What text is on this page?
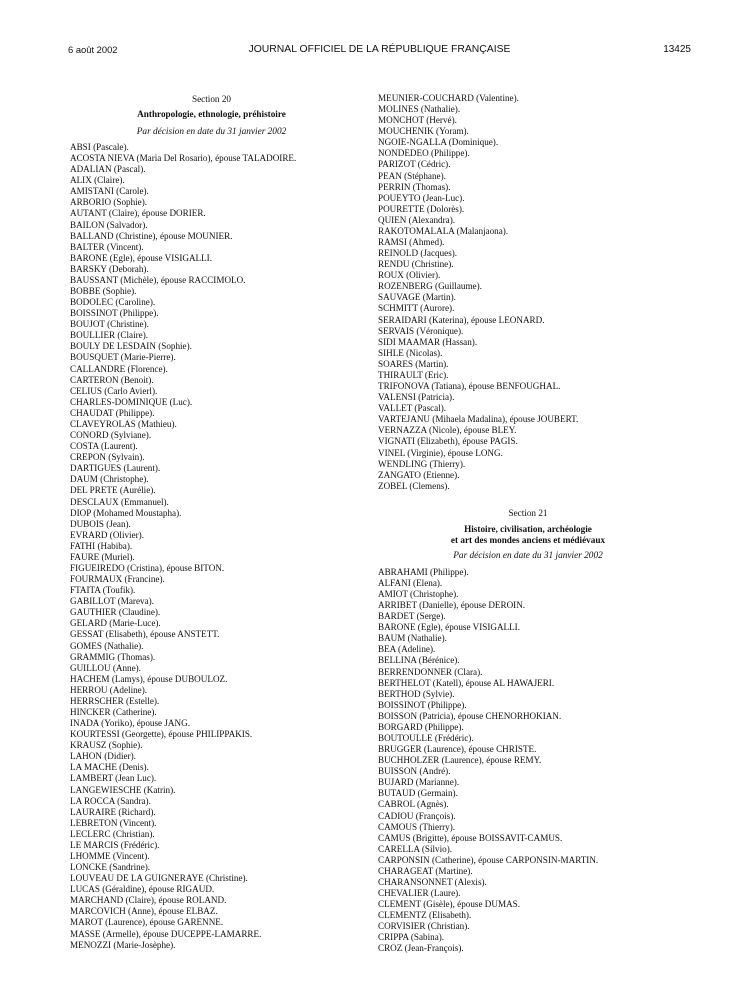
6 août 2002	JOURNAL OFFICIEL DE LA RÉPUBLIQUE FRANÇAISE	13425
Section 20
Anthropologie, ethnologie, préhistoire
Par décision en date du 31 janvier 2002
ABSI (Pascale).
ACOSTA NIEVA (Maria Del Rosario), épouse TALADOIRE.
ADALIAN (Pascal).
ALIX (Claire).
AMISTANI (Carole).
ARBORIO (Sophie).
AUTANT (Claire), épouse DORIER.
BAILON (Salvador).
BALLAND (Christine), épouse MOUNIER.
BALTER (Vincent).
BARONE (Egle), épouse VISIGALLI.
BARSKY (Deborah).
BAUSSANT (Michèle), épouse RACCIMOLO.
BOBBE (Sophie).
BODOLEC (Caroline).
BOISSINOT (Philippe).
BOUJOT (Christine).
BOULLIER (Claire).
BOULY DE LESDAIN (Sophie).
BOUSQUET (Marie-Pierre).
CALLANDRE (Florence).
CARTERON (Benoit).
CELIUS (Carlo Avierl).
CHARLES-DOMINIQUE (Luc).
CHAUDAT (Philippe).
CLAVEYROLAS (Mathieu).
CONORD (Sylviane).
COSTA (Laurent).
CREPON (Sylvain).
DARTIGUES (Laurent).
DAUM (Christophe).
DEL PRETE (Aurélie).
DESCLAUX (Emmanuel).
DIOP (Mohamed Moustapha).
DUBOIS (Jean).
EVRARD (Olivier).
FATHI (Habiba).
FAURE (Muriel).
FIGUEIREDO (Cristina), épouse BITON.
FOURMAUX (Francine).
FTAITA (Toufik).
GABILLOT (Mareva).
GAUTHIER (Claudine).
GELARD (Marie-Luce).
GESSAT (Elisabeth), épouse ANSTETT.
GOMES (Nathalie).
GRAMMIG (Thomas).
GUILLOU (Anne).
HACHEM (Lamys), épouse DUBOULOZ.
HERROU (Adeline).
HERRSCHER (Estelle).
HINCKER (Catherine).
INADA (Yoriko), épouse JANG.
KOURTESSI (Georgette), épouse PHILIPPAKIS.
KRAUSZ (Sophie).
LAHON (Didier).
LA MACHE (Denis).
LAMBERT (Jean Luc).
LANGEWIESCHE (Katrin).
LA ROCCA (Sandra).
LAURAIRE (Richard).
LEBRETON (Vincent).
LECLERC (Christian).
LE MARCIS (Frédéric).
LHOMME (Vincent).
LONCKE (Sandrine).
LOUVEAU DE LA GUIGNERAYE (Christine).
LUCAS (Géraldine), épouse RIGAUD.
MARCHAND (Claire), épouse ROLAND.
MARCOVICH (Anne), épouse ELBAZ.
MAROT (Laurence), épouse GARENNE.
MASSE (Armelle), épouse DUCEPPE-LAMARRE.
MENOZZI (Marie-Josèphe).
MEUNIER-COUCHARD (Valentine).
MOLINES (Nathalie).
MONCHOT (Hervé).
MOUCHENIK (Yoram).
NGOIE-NGALLA (Dominique).
NONDEDEO (Philippe).
PARIZOT (Cédric).
PEAN (Stéphane).
PERRIN (Thomas).
POUEYTO (Jean-Luc).
POURETTE (Dolorès).
QUIEN (Alexandra).
RAKOTOMALALA (Malanjaona).
RAMSI (Ahmed).
REINOLD (Jacques).
RENDU (Christine).
ROUX (Olivier).
ROZENBERG (Guillaume).
SAUVAGE (Martin).
SCHMITT (Aurore).
SERAIDARI (Katerina), épouse LEONARD.
SERVAIS (Véronique).
SIDI MAAMAR (Hassan).
SIHLE (Nicolas).
SOARES (Martin).
THIRAULT (Eric).
TRIFONOVA (Tatiana), épouse BENFOUGHAL.
VALENSI (Patricia).
VALLET (Pascal).
VARTEJANU (Mihaela Madalina), épouse JOUBERT.
VERNAZZA (Nicole), épouse BLEY.
VIGNATI (Elizabeth), épouse PAGIS.
VINEL (Virginie), épouse LONG.
WENDLING (Thierry).
ZANGATO (Etienne).
ZOBEL (Clemens).
Section 21
Histoire, civilisation, archéologie
et art des mondes anciens et médiévaux
Par décision en date du 31 janvier 2002
ABRAHAMI (Philippe).
ALFANI (Elena).
AMIOT (Christophe).
ARRIBET (Danielle), épouse DEROIN.
BARDET (Serge).
BARONE (Egle), épouse VISIGALLI.
BAUM (Nathalie).
BEA (Adeline).
BELLINA (Bérénice).
BERRENDONNER (Clara).
BERTHELOT (Katell), épouse AL HAWAJERI.
BERTHOD (Sylvie).
BOISSINOT (Philippe).
BOISSON (Patricia), épouse CHENORHOKIAN.
BORGARD (Philippe).
BOUTOULLE (Frédéric).
BRUGGER (Laurence), épouse CHRISTE.
BUCHHOLZER (Laurence), épouse REMY.
BUISSON (André).
BUJARD (Marianne).
BUTAUD (Germain).
CABROL (Agnès).
CADIOU (François).
CAMOUS (Thierry).
CAMUS (Brigitte), épouse BOISSAVIT-CAMUS.
CARELLA (Silvio).
CARPONSIN (Catherine), épouse CARPONSIN-MARTIN.
CHARAGEAT (Martine).
CHARANSONNET (Alexis).
CHEVALIER (Laure).
CLEMENT (Gisèle), épouse DUMAS.
CLEMENTZ (Elisabeth).
CORVISIER (Christian).
CRIPPA (Sabina).
CROZ (Jean-François).
